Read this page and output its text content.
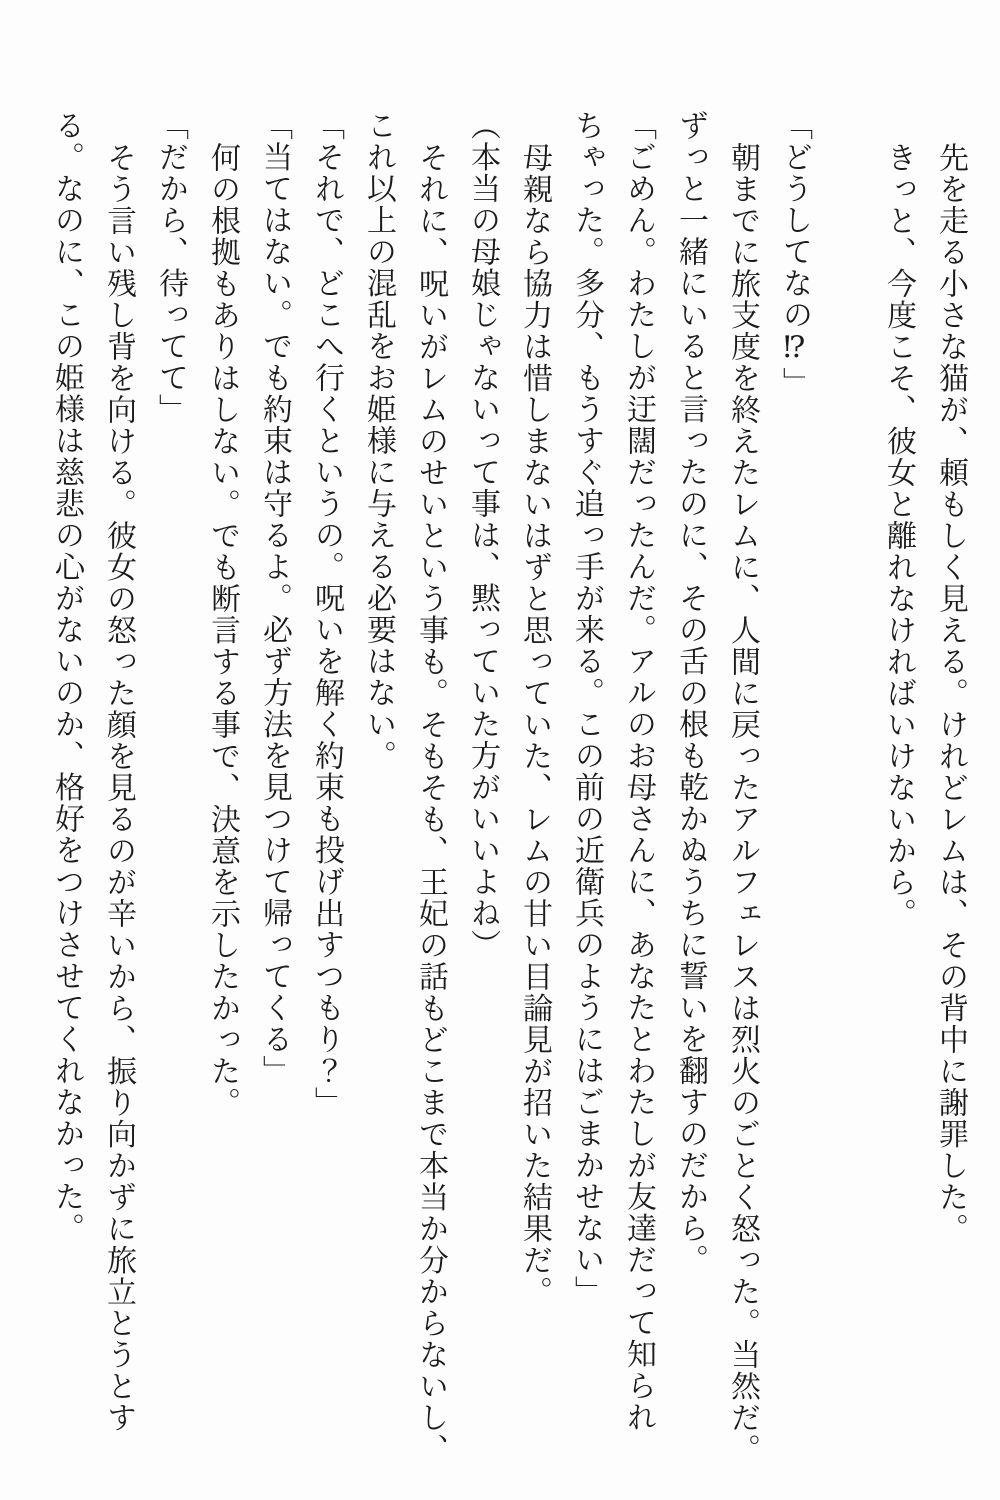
先を走る小さな猫が、頼もしく見える。けれどレムは、その背中に謝罪した。

きっと、今度こそ、彼女と離れなければいけないから。

「どうしてなの⁉」

朝までに旅支度を終えたレムに、人間に戻ったアルフェレスは烈火のごとく怒った。当然だ。

ずっと一緒にいると言ったのに、その舌の根も乾かぬうちに誓いを翻すのだから。

「ごめん。わたしが迂闊だったんだ。アルのお母さんに、あなたとわたしが友達だって知られ

ちゃった。多分、もうすぐ追っ手が来る。この前の近衛兵のようにはごまかせない」

母親なら協力は惜しまないはずと思っていた、レムの甘い目論見が招いた結果だ。

（本当の母娘じゃないって事は、黙っていた方がいいよね）

それに、呪いがレムのせいという事も。そもそも、王妃の話もどこまで本当か分からないし、

これ以上の混乱をお姫様に与える必要はない。

「それで、どこへ行くというの。呪いを解く約束も投げ出すつもり？」

「当てはない。でも約束は守るよ。必ず方法を見つけて帰ってくる」

何の根拠もありはしない。でも断言する事で、決意を示したかった。

「だから、待ってて」

そう言い残し背を向ける。彼女の怒った顔を見るのが辛いから、振り向かずに旅立とうとす

る。なのに、この姫様は慈悲の心がないのか、格好をつけさせてくれなかった。
